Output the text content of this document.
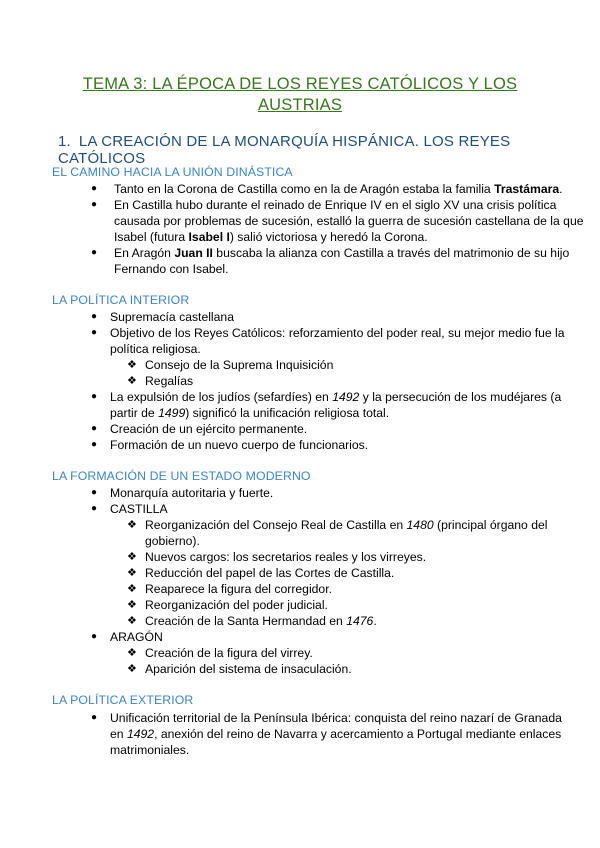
TEMA 3: LA ÉPOCA DE LOS REYES CATÓLICOS Y LOS
AUSTRIAS
1. LA CREACIÓN DE LA MONARQUÍA HISPÁNICA. LOS REYES CATÓLICOS
EL CAMINO HACIA LA UNIÓN DINÁSTICA
● Tanto en la Corona de Castilla como en la de Aragón estaba la familia Trastámara.
● En Castilla hubo durante el reinado de Enrique IV en el siglo XV una crisis política
causada por problemas de sucesión, estalló la guerra de sucesión castellana de la que
Isabel (futura Isabel I) salió victoriosa y heredó la Corona.
● En Aragón Juan II buscaba la alianza con Castilla a través del matrimonio de su hijo
Fernando con Isabel.
LA POLÍTICA INTERIOR
● Supremacía castellana
● Objetivo de los Reyes Católicos: reforzamiento del poder real, su mejor medio fue la
política religiosa.
❖ Consejo de la Suprema Inquisición
❖ Regalías
● La expulsión de los judíos (sefardíes) en 1492 y la persecución de los mudéjares (a
partir de 1499) significó la unificación religiosa total.
● Creación de un ejército permanente.
● Formación de un nuevo cuerpo de funcionarios.
LA FORMACIÓN DE UN ESTADO MODERNO
● Monarquía autoritaria y fuerte.
● CASTILLA
❖ Reorganización del Consejo Real de Castilla en 1480 (principal órgano del
gobierno).
❖ Nuevos cargos: los secretarios reales y los virreyes.
❖ Reducción del papel de las Cortes de Castilla.
❖ Reaparece la figura del corregidor.
❖ Reorganización del poder judicial.
❖ Creación de la Santa Hermandad en 1476.
● ARAGÓN
❖ Creación de la figura del virrey.
❖ Aparición del sistema de insaculación.
LA POLÍTICA EXTERIOR
● Unificación territorial de la Península Ibérica: conquista del reino nazarí de Granada
en 1492, anexión del reino de Navarra y acercamiento a Portugal mediante enlaces
matrimoniales.
